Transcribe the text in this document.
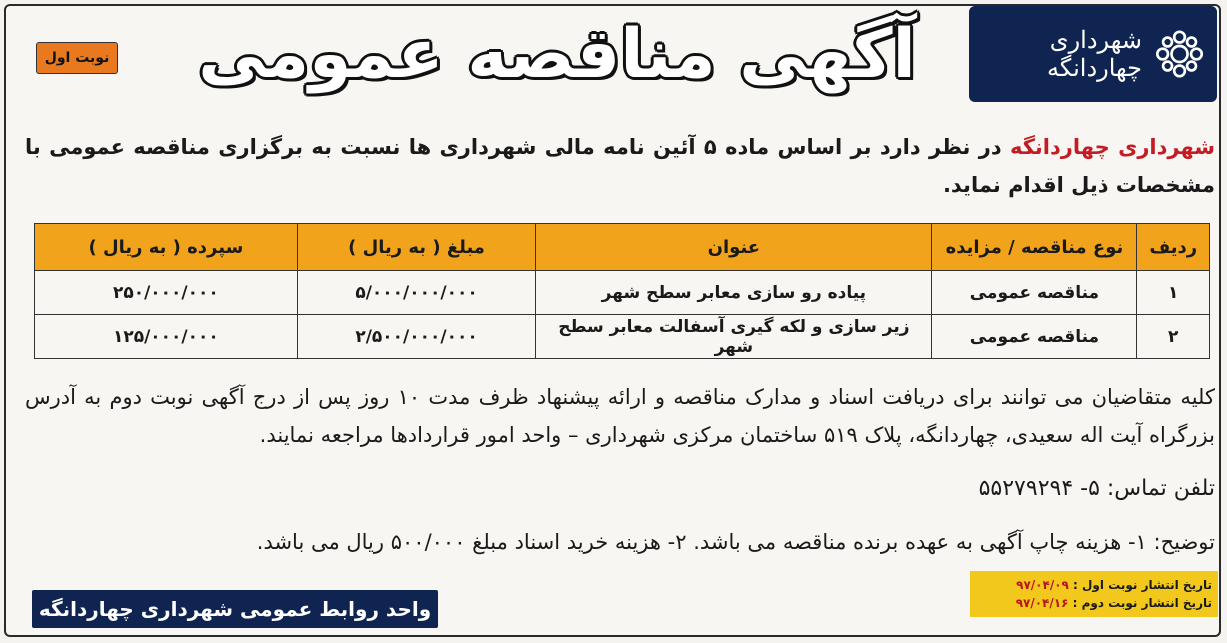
شهرداری چهاردانگه
آگهی مناقصه عمومی
نوبت اول
شهرداری چهاردانگه در نظر دارد بر اساس ماده ۵ آئین نامه مالی شهرداری ها نسبت به برگزاری مناقصه عمومی با مشخصات ذیل اقدام نماید.
ردیف	نوع مناقصه / مزایده	عنوان	مبلغ ( به ریال )	سپرده ( به ریال )
۱	مناقصه عمومی	پیاده رو سازی معابر سطح شهر	۵/۰۰۰/۰۰۰/۰۰۰	۲۵۰/۰۰۰/۰۰۰
۲	مناقصه عمومی	زیر سازی و لکه گیری آسفالت معابر سطح شهر	۲/۵۰۰/۰۰۰/۰۰۰	۱۲۵/۰۰۰/۰۰۰
کلیه متقاضیان می توانند برای دریافت اسناد و مدارک مناقصه و ارائه پیشنهاد ظرف مدت ۱۰ روز پس از درج آگهی نوبت دوم به آدرس بزرگراه آیت اله سعیدی، چهاردانگه، پلاک ۵۱۹ ساختمان مرکزی شهرداری – واحد امور قراردادها مراجعه نمایند.
تلفن تماس: ۵- ۵۵۲۷۹۲۹۴
توضیح: ۱- هزینه چاپ آگهی به عهده برنده مناقصه می باشد. ۲- هزینه خرید اسناد مبلغ ۵۰۰/۰۰۰ ریال می باشد.
تاریخ انتشار نوبت اول : ۹۷/۰۴/۰۹
تاریخ انتشار نوبت دوم : ۹۷/۰۴/۱۶
واحد روابط عمومی شهرداری چهاردانگه
